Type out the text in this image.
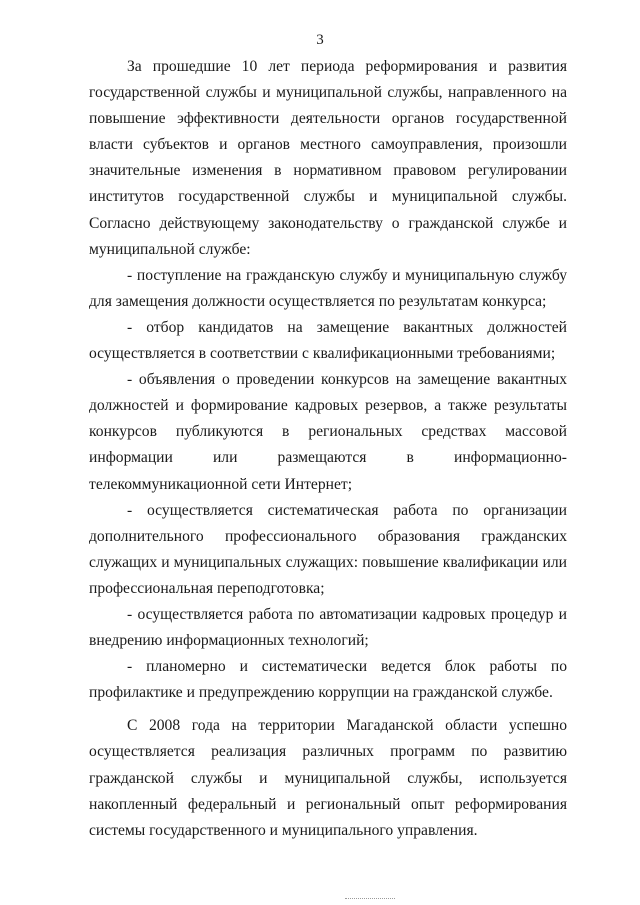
3

За прошедшие 10 лет периода реформирования и развития государственной службы и муниципальной службы, направленного на повышение эффективности деятельности органов государственной власти субъектов и органов местного самоуправления, произошли значительные изменения в нормативном правовом регулировании институтов государственной службы и муниципальной службы. Согласно действующему законодательству о гражданской службе и муниципальной службе:

- поступление на гражданскую службу и муниципальную службу для замещения должности осуществляется по результатам конкурса;

- отбор кандидатов на замещение вакантных должностей осуществляется в соответствии с квалификационными требованиями;

- объявления о проведении конкурсов на замещение вакантных должностей и формирование кадровых резервов, а также результаты конкурсов публикуются в региональных средствах массовой информации или размещаются в информационно-телекоммуникационной сети Интернет;

- осуществляется систематическая работа по организации дополнительного профессионального образования гражданских служащих и муниципальных служащих: повышение квалификации или профессиональная переподготовка;

- осуществляется работа по автоматизации кадровых процедур и внедрению информационных технологий;

- планомерно и систематически ведется блок работы по профилактике и предупреждению коррупции на гражданской службе.

С 2008 года на территории Магаданской области успешно осуществляется реализация различных программ по развитию гражданской службы и муниципальной службы, используется накопленный федеральный и региональный опыт реформирования системы государственного и муниципального управления.
